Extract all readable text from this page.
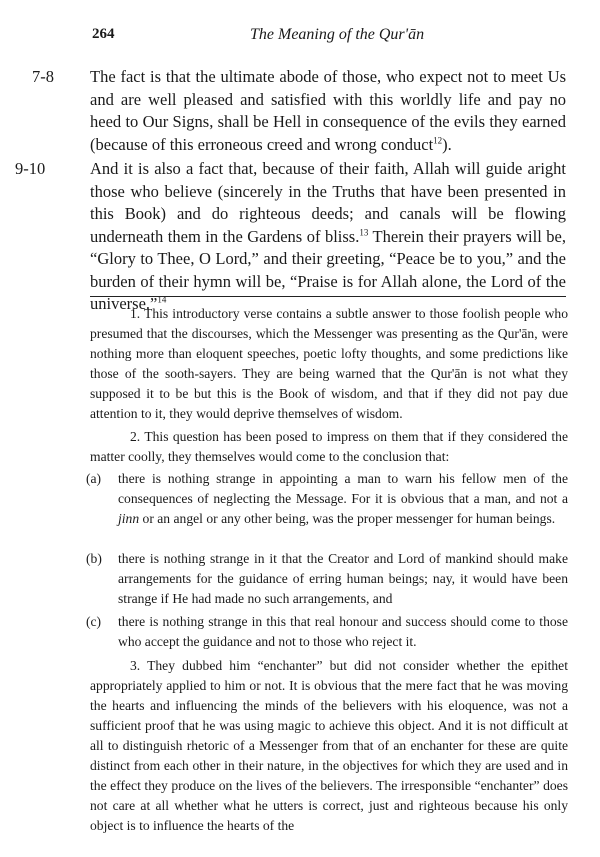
264	The Meaning of the Qur'ān
7-8	The fact is that the ultimate abode of those, who expect not to meet Us and are well pleased and satisfied with this worldly life and pay no heed to Our Signs, shall be Hell in consequence of the evils they earned (because of this erroneous creed and wrong conduct$^{12}$).
9-10	And it is also a fact that, because of their faith, Allah will guide aright those who believe (sincerely in the Truths that have been presented in this Book) and do righteous deeds; and canals will be flowing underneath them in the Gardens of bliss.$^{13}$ Therein their prayers will be, “Glory to Thee, O Lord,” and their greeting, “Peace be to you,” and the burden of their hymn will be, “Praise is for Allah alone, the Lord of the universe.”$^{14}$
1. This introductory verse contains a subtle answer to those foolish people who presumed that the discourses, which the Messenger was presenting as the Qur'ān, were nothing more than eloquent speeches, poetic lofty thoughts, and some predictions like those of the sooth-sayers. They are being warned that the Qur'ān is not what they supposed it to be but this is the Book of wisdom, and that if they did not pay due attention to it, they would deprive themselves of wisdom.
2. This question has been posed to impress on them that if they considered the matter coolly, they themselves would come to the conclusion that:
(a) there is nothing strange in appointing a man to warn his fellow men of the consequences of neglecting the Message. For it is obvious that a man, and not a jinn or an angel or any other being, was the proper messenger for human beings.
(b) there is nothing strange in it that the Creator and Lord of mankind should make arrangements for the guidance of erring human beings; nay, it would have been strange if He had made no such arrangements, and
(c) there is nothing strange in this that real honour and success should come to those who accept the guidance and not to those who reject it.
3. They dubbed him “enchanter” but did not consider whether the epithet appropriately applied to him or not. It is obvious that the mere fact that he was moving the hearts and influencing the minds of the believers with his eloquence, was not a sufficient proof that he was using magic to achieve this object. And it is not difficult at all to distinguish rhetoric of a Messenger from that of an enchanter for these are quite distinct from each other in their nature, in the objectives for which they are used and in the effect they produce on the lives of the believers. The irresponsible “enchanter” does not care at all whether what he utters is correct, just and righteous because his only object is to influence the hearts of the
